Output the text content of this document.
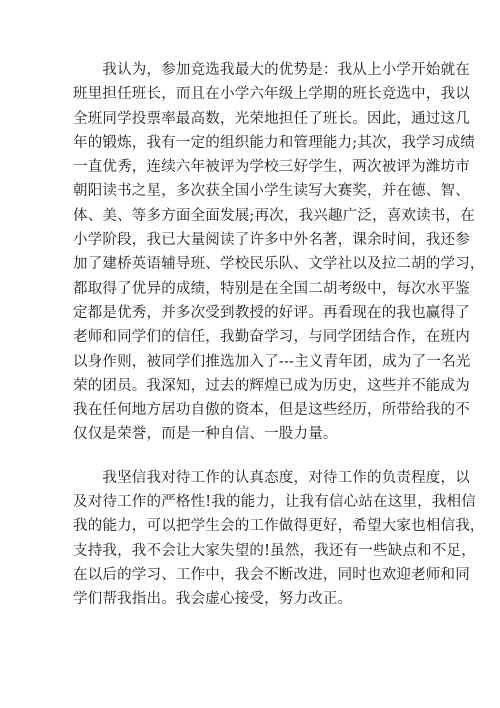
　　我认为，参加竞选我最大的优势是：我从上小学开始就在
班里担任班长，而且在小学六年级上学期的班长竞选中，我以
全班同学投票率最高数，光荣地担任了班长。因此，通过这几
年的锻炼，我有一定的组织能力和管理能力;其次，我学习成绩
一直优秀，连续六年被评为学校三好学生，两次被评为潍坊市
朝阳读书之星，多次获全国小学生读写大赛奖，并在德、智、
体、美、等多方面全面发展;再次，我兴趣广泛，喜欢读书，在
小学阶段，我已大量阅读了许多中外名著，课余时间，我还参
加了建桥英语辅导班、学校民乐队、文学社以及拉二胡的学习，
都取得了优异的成绩，特别是在全国二胡考级中，每次水平鉴
定都是优秀，并多次受到教授的好评。再看现在的我也赢得了
老师和同学们的信任，我勤奋学习，与同学团结合作，在班内
以身作则，被同学们推选加入了---主义青年团，成为了一名光
荣的团员。我深知，过去的辉煌已成为历史，这些并不能成为
我在任何地方居功自傲的资本，但是这些经历，所带给我的不
仅仅是荣誉，而是一种自信、一股力量。

　　我坚信我对待工作的认真态度，对待工作的负责程度，以
及对待工作的严格性!我的能力，让我有信心站在这里，我相信
我的能力，可以把学生会的工作做得更好，希望大家也相信我，
支持我，我不会让大家失望的!虽然，我还有一些缺点和不足，
在以后的学习、工作中，我会不断改进，同时也欢迎老师和同
学们帮我指出。我会虚心接受，努力改正。
